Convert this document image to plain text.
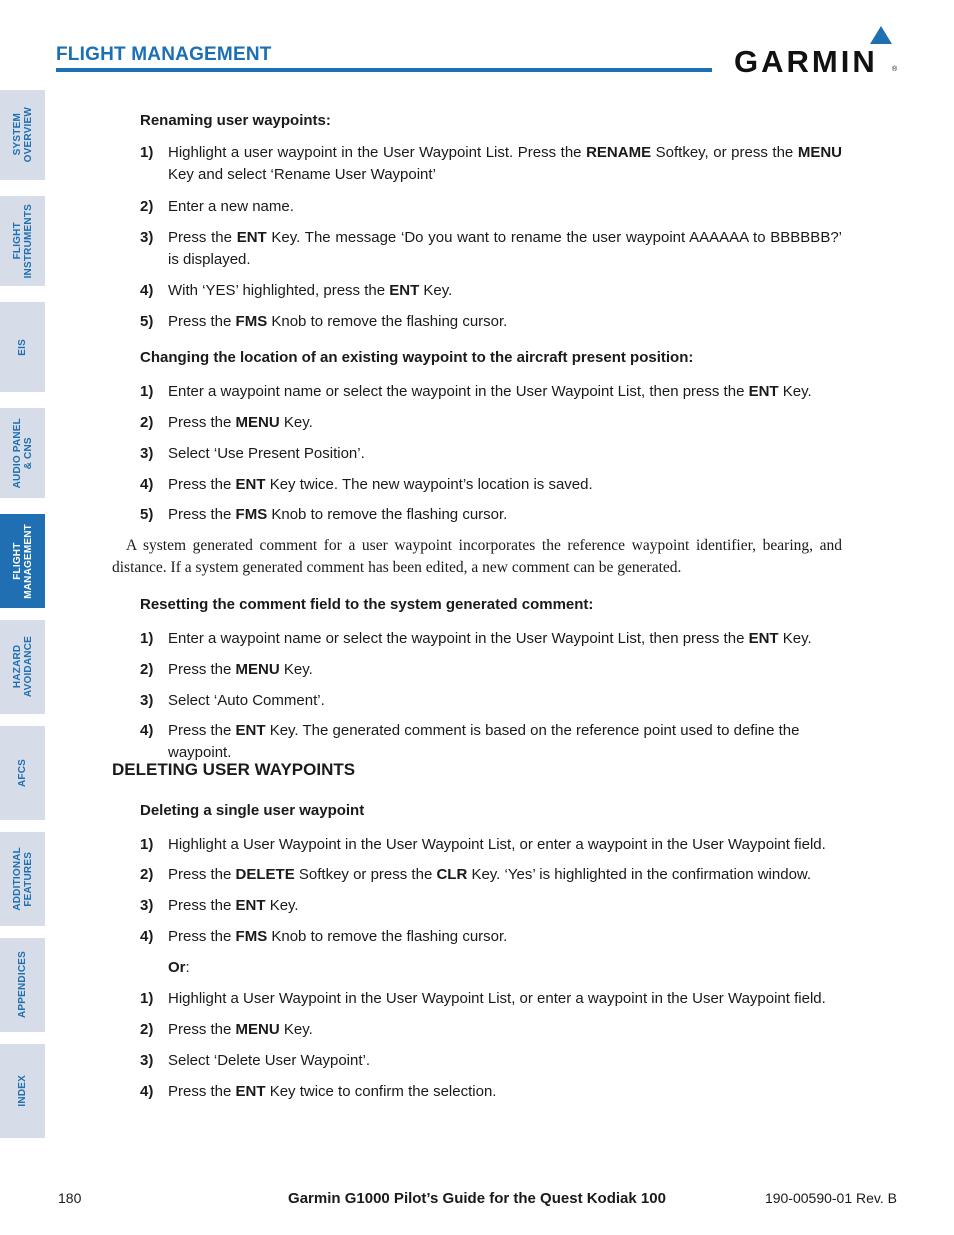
FLIGHT MANAGEMENT	GARMIN ®
SYSTEM
OVERVIEW
FLIGHT
INSTRUMENTS
EIS
AUDIO PANEL
& CNS
FLIGHT
MANAGEMENT
HAZARD
AVOIDANCE
AFCS
ADDITIONAL
FEATURES
APPENDICES
INDEX
Renaming user waypoints:
1) Highlight a user waypoint in the User Waypoint List. Press the RENAME Softkey, or press the MENU Key and select ‘Rename User Waypoint’
2) Enter a new name.
3) Press the ENT Key. The message ‘Do you want to rename the user waypoint AAAAAA to BBBBBB?’ is displayed.
4) With ‘YES’ highlighted, press the ENT Key.
5) Press the FMS Knob to remove the flashing cursor.
Changing the location of an existing waypoint to the aircraft present position:
1) Enter a waypoint name or select the waypoint in the User Waypoint List, then press the ENT Key.
2) Press the MENU Key.
3) Select ‘Use Present Position’.
4) Press the ENT Key twice. The new waypoint’s location is saved.
5) Press the FMS Knob to remove the flashing cursor.
A system generated comment for a user waypoint incorporates the reference waypoint identifier, bearing, and distance. If a system generated comment has been edited, a new comment can be generated.
Resetting the comment field to the system generated comment:
1) Enter a waypoint name or select the waypoint in the User Waypoint List, then press the ENT Key.
2) Press the MENU Key.
3) Select ‘Auto Comment’.
4) Press the ENT Key. The generated comment is based on the reference point used to define the waypoint.
DELETING USER WAYPOINTS
Deleting a single user waypoint
1) Highlight a User Waypoint in the User Waypoint List, or enter a waypoint in the User Waypoint field.
2) Press the DELETE Softkey or press the CLR Key. ‘Yes’ is highlighted in the confirmation window.
3) Press the ENT Key.
4) Press the FMS Knob to remove the flashing cursor.
Or:
1) Highlight a User Waypoint in the User Waypoint List, or enter a waypoint in the User Waypoint field.
2) Press the MENU Key.
3) Select ‘Delete User Waypoint’.
4) Press the ENT Key twice to confirm the selection.
180	Garmin G1000 Pilot’s Guide for the Quest Kodiak 100	190-00590-01 Rev. B
